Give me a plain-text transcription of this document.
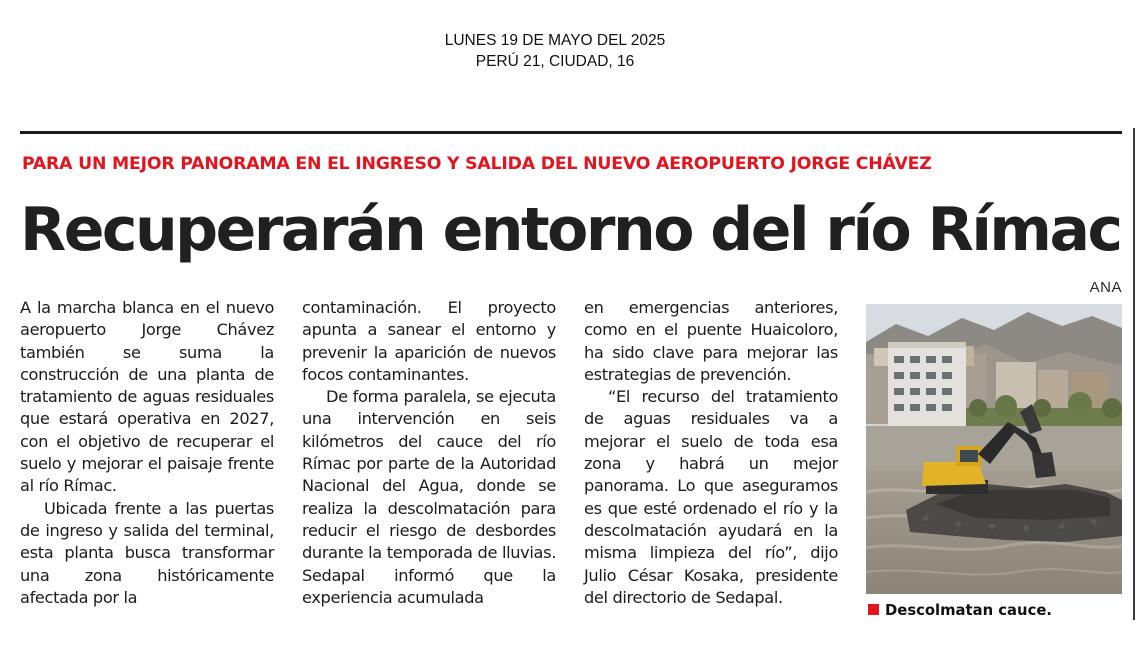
LUNES 19 DE MAYO DEL 2025
PERÚ 21, CIUDAD, 16
PARA UN MEJOR PANORAMA EN EL INGRESO Y SALIDA DEL NUEVO AEROPUERTO JORGE CHÁVEZ
Recuperarán entorno del río Rímac

A la marcha blanca en el nuevo aeropuerto Jorge Chávez también se suma la construcción de una planta de tratamiento de aguas residuales que estará operativa en 2027, con el objetivo de recuperar el suelo y mejorar el paisaje frente al río Rímac.

Ubicada frente a las puertas de ingreso y salida del terminal, esta planta busca transformar una zona históricamente afectada por la

contaminación. El proyecto apunta a sanear el entorno y prevenir la aparición de nuevos focos contaminantes.

De forma paralela, se ejecuta una intervención en seis kilómetros del cauce del río Rímac por parte de la Autoridad Nacional del Agua, donde se realiza la descolmatación para reducir el riesgo de desbordes durante la temporada de lluvias. Sedapal informó que la experiencia acumulada

en emergencias anteriores, como en el puente Huaicoloro, ha sido clave para mejorar las estrategias de prevención.

“El recurso del tratamiento de aguas residuales va a mejorar el suelo de toda esa zona y habrá un mejor panorama. Lo que aseguramos es que esté ordenado el río y la descolmatación ayudará en la misma limpieza del río”, dijo Julio César Kosaka, presidente del directorio de Sedapal.

ANA
Descolmatan cauce.
